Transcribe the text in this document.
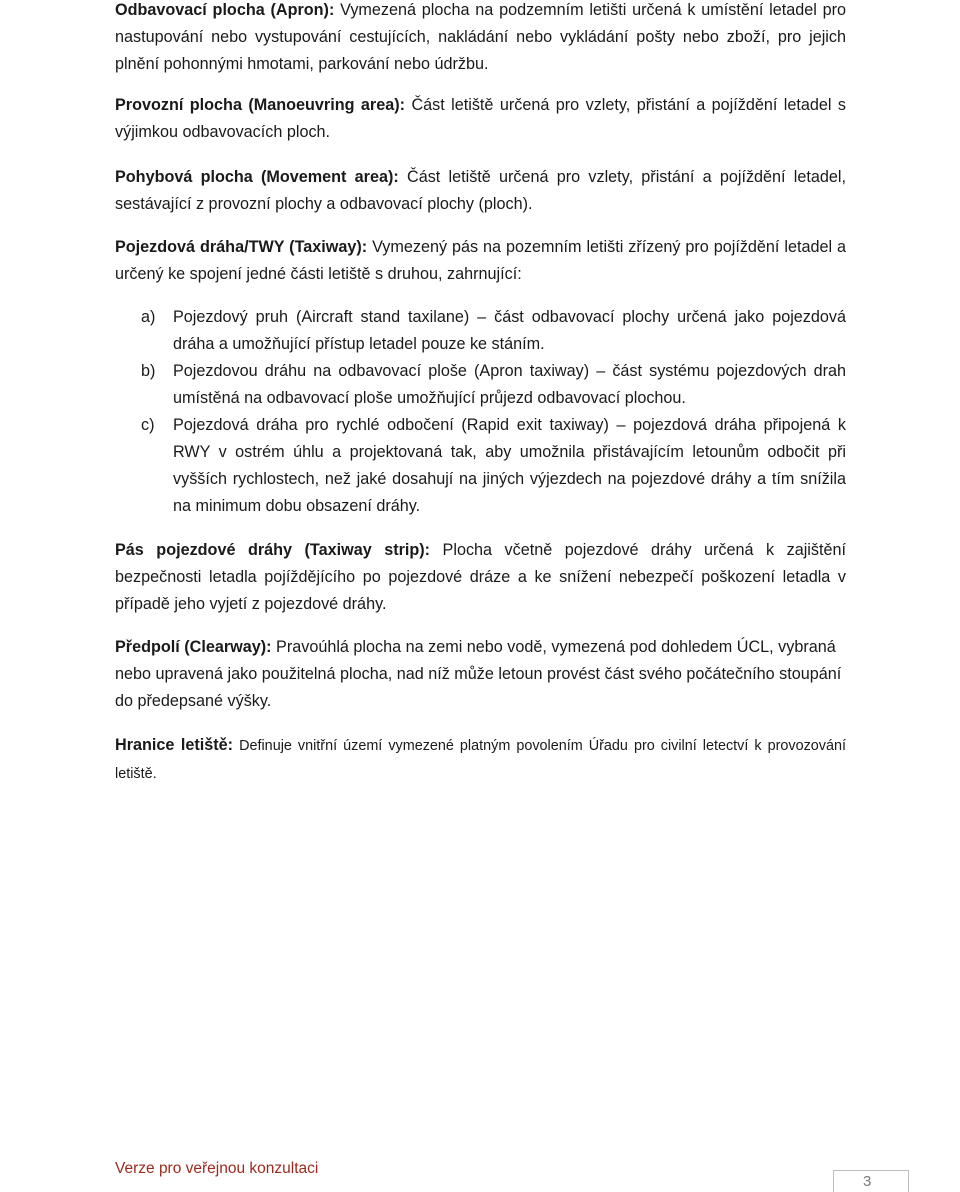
Odbavovací plocha (Apron): Vymezená plocha na podzemním letišti určená k umístění letadel pro nastupování nebo vystupování cestujících, nakládání nebo vykládání pošty nebo zboží, pro jejich plnění pohonnými hmotami, parkování nebo údržbu.

Provozní plocha (Manoeuvring area): Část letiště určená pro vzlety, přistání a pojíždění letadel s výjimkou odbavovacích ploch.

Pohybová plocha (Movement area): Část letiště určená pro vzlety, přistání a pojíždění letadel, sestávající z provozní plochy a odbavovací plochy (ploch).

Pojezdová dráha/TWY (Taxiway): Vymezený pás na pozemním letišti zřízený pro pojíždění letadel a určený ke spojení jedné části letiště s druhou, zahrnující:

a) Pojezdový pruh (Aircraft stand taxilane) – část odbavovací plochy určená jako pojezdová dráha a umožňující přístup letadel pouze ke stáním.
b) Pojezdovou dráhu na odbavovací ploše (Apron taxiway) – část systému pojezdových drah umístěná na odbavovací ploše umožňující průjezd odbavovací plochou.
c) Pojezdová dráha pro rychlé odbočení (Rapid exit taxiway) – pojezdová dráha připojená k RWY v ostrém úhlu a projektovaná tak, aby umožnila přistávajícím letounům odbočit při vyšších rychlostech, než jaké dosahují na jiných výjezdech na pojezdové dráhy a tím snížila na minimum dobu obsazení dráhy.

Pás pojezdové dráhy (Taxiway strip): Plocha včetně pojezdové dráhy určená k zajištění bezpečnosti letadla pojíždějícího po pojezdové dráze a ke snížení nebezpečí poškození letadla v případě jeho vyjetí z pojezdové dráhy.

Předpolí (Clearway): Pravoúhlá plocha na zemi nebo vodě, vymezená pod dohledem ÚCL, vybraná nebo upravená jako použitelná plocha, nad níž může letoun provést část svého počátečního stoupání do předepsané výšky.

Hranice letiště: Definuje vnitřní území vymezené platným povolením Úřadu pro civilní letectví k provozování letiště.

Verze pro veřejnou konzultaci
3
